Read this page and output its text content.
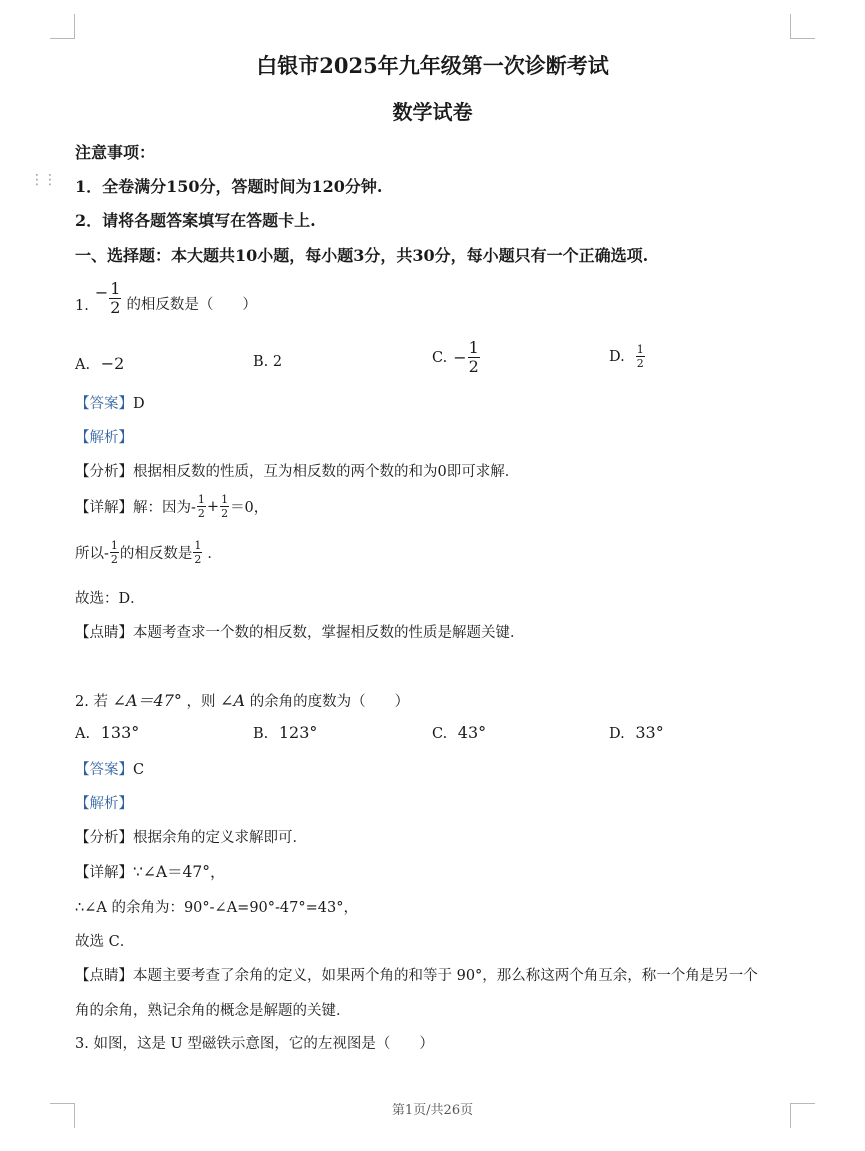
白银市2025年九年级第一次诊断考试
数学试卷
注意事项：
⋮⋮ 1．全卷满分150分，答题时间为120分钟.
2．请将各题答案填写在答题卡上.
一、选择题：本大题共10小题，每小题3分，共30分，每小题只有一个正确选项.
1.
− $\frac{1}{2}$ 的相反数是（　　）
A. −2	B. 2	C. − $\frac{1}{2}$	D. $\frac{1}{2}$
【答案】D
【解析】
【分析】根据相反数的性质，互为相反数的两个数的和为0即可求解．
【详解】 解：因为- $\frac{1}{2} + \frac{1}{2} =0$，
所以- $\frac{1}{2}$ 的相反数是 $\frac{1}{2}$ ．
故选：D．
【点睛】本题考查求一个数的相反数，掌握相反数的性质是解题关键．
2. 若 ∠A＝47° ，则 ∠A 的余角的度数为（　　）
A. 133°	B. 123°	C. 43°	D. 33°
【答案】C
【解析】
【分析】根据余角的定义求解即可．
【详解】∵∠A＝47°，
∴∠A 的余角为：90°-∠A=90°-47°=43°，
故选 C．
【点睛】本题主要考查了余角的定义，如果两个角的和等于 90°，那么称这两个角互余，称一个角是另一个
角的余角，熟记余角的概念是解题的关键．
3. 如图，这是 U 型磁铁示意图，它的左视图是（　　）
第1页/共26页
